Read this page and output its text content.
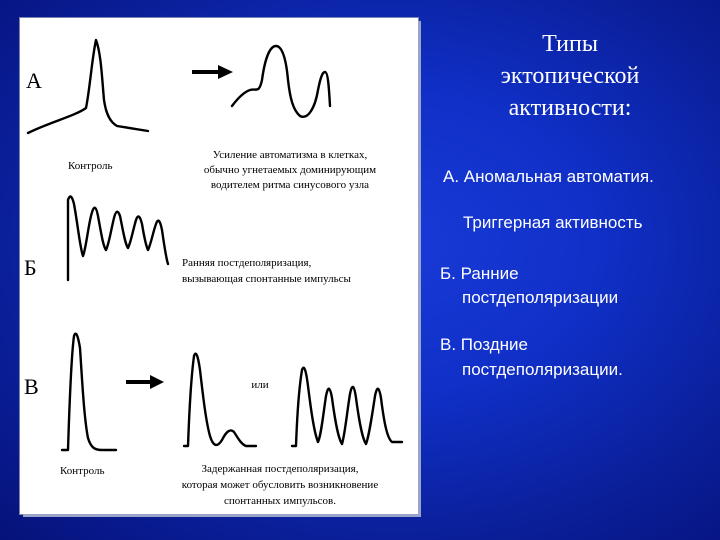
А
Контроль
Усиление автоматизма в клетках,
обычно угнетаемых доминирующим
водителем ритма синусового узла
Б	Ранняя постдеполяризация,
вызывающая спонтанные импульсы
В	или
Контроль	Задержанная постдеполяризация,
которая может обусловить возникновение
спонтанных импульсов.
Типы
эктопической
активности:
А. Аномальная автоматия.
Триггерная активность
Б. Ранние
постдеполяризации
В. Поздние
постдеполяризации.
